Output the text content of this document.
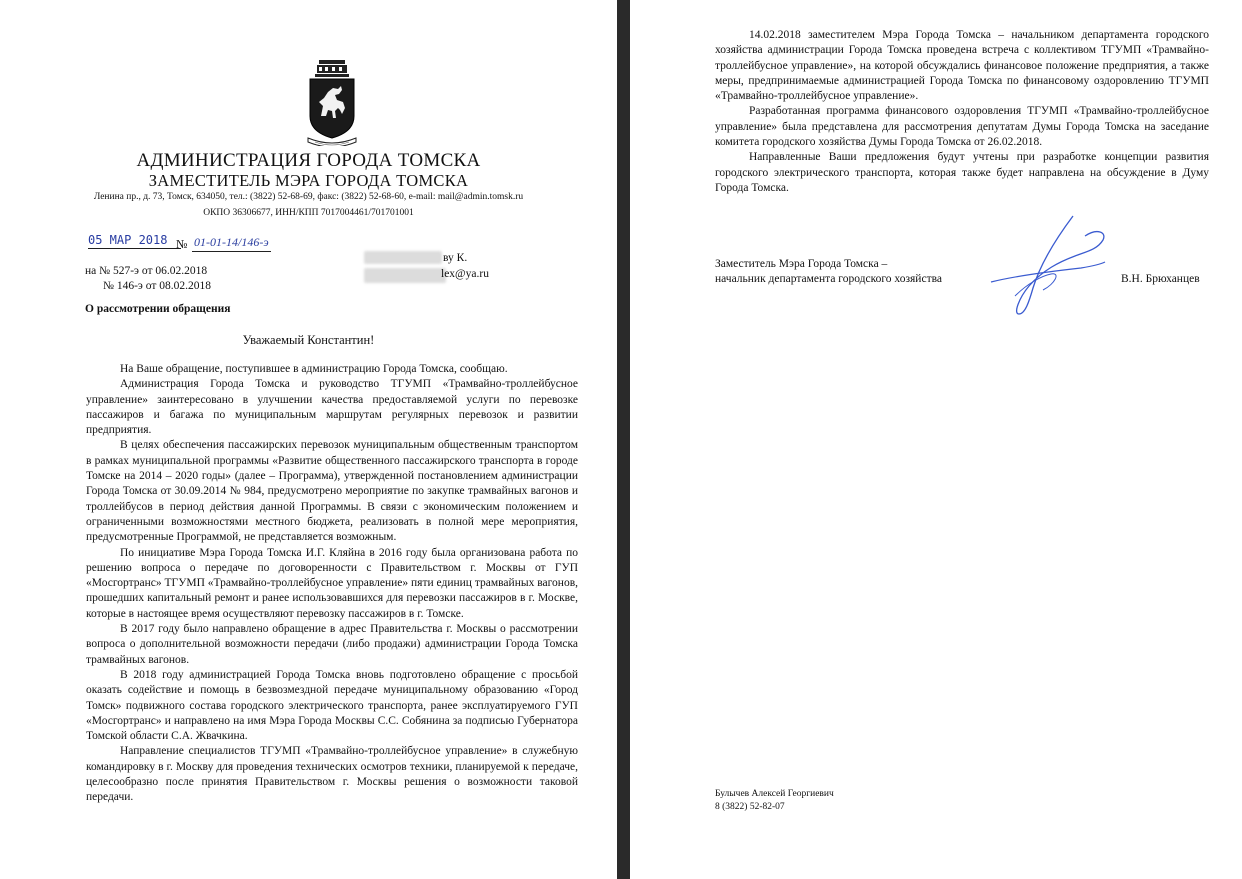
АДМИНИСТРАЦИЯ ГОРОДА ТОМСКА
ЗАМЕСТИТЕЛЬ МЭРА ГОРОДА ТОМСКА
Ленина пр., д. 73, Томск, 634050, тел.: (3822) 52-68-69, факс: (3822) 52-68-60, e-mail: mail@admin.tomsk.ru
ОКПО 36306677, ИНН/КПП 7017004461/701701001
05 МАР 2018 № 01-01-14/146-э
на № 527-э от 06.02.2018
№ 146-э от 08.02.2018
ву К.
lex@ya.ru
О рассмотрении обращения
Уважаемый Константин!

На Ваше обращение, поступившее в администрацию Города Томска, сообщаю.

Администрация Города Томска и руководство ТГУМП «Трамвайно-троллейбусное управление» заинтересовано в улучшении качества предоставляемой услуги по перевозке пассажиров и багажа по муниципальным маршрутам регулярных перевозок и развитии предприятия.

В целях обеспечения пассажирских перевозок муниципальным общественным транспортом в рамках муниципальной программы «Развитие общественного пассажирского транспорта в городе Томске на 2014 – 2020 годы» (далее – Программа), утвержденной постановлением администрации Города Томска от 30.09.2014 № 984, предусмотрено мероприятие по закупке трамвайных вагонов и троллейбусов в период действия данной Программы. В связи с экономическим положением и ограниченными возможностями местного бюджета, реализовать в полной мере мероприятия, предусмотренные Программой, не представляется возможным.

По инициативе Мэра Города Томска И.Г. Кляйна в 2016 году была организована работа по решению вопроса о передаче по договоренности с Правительством г. Москвы от ГУП «Мосгортранс» ТГУМП «Трамвайно-троллейбусное управление» пяти единиц трамвайных вагонов, прошедших капитальный ремонт и ранее использовавшихся для перевозки пассажиров в г. Москве, которые в настоящее время осуществляют перевозку пассажиров в г. Томске.

В 2017 году было направлено обращение в адрес Правительства г. Москвы о рассмотрении вопроса о дополнительной возможности передачи (либо продажи) администрации Города Томска трамвайных вагонов.

В 2018 году администрацией Города Томска вновь подготовлено обращение с просьбой оказать содействие и помощь в безвозмездной передаче муниципальному образованию «Город Томск» подвижного состава городского электрического транспорта, ранее эксплуатируемого ГУП «Мосгортранс» и направлено на имя Мэра Города Москвы С.С. Собянина за подписью Губернатора Томской области С.А. Жвачкина.

Направление специалистов ТГУМП «Трамвайно-троллейбусное управление» в служебную командировку в г. Москву для проведения технических осмотров техники, планируемой к передаче, целесообразно после принятия Правительством г. Москвы решения о возможности таковой передачи.

14.02.2018 заместителем Мэра Города Томска – начальником департамента городского хозяйства администрации Города Томска проведена встреча с коллективом ТГУМП «Трамвайно-троллейбусное управление», на которой обсуждались финансовое положение предприятия, а также меры, предпринимаемые администрацией Города Томска по финансовому оздоровлению ТГУМП «Трамвайно-троллейбусное управление».

Разработанная программа финансового оздоровления ТГУМП «Трамвайно-троллейбусное управление» была представлена для рассмотрения депутатам Думы Города Томска на заседание комитета городского хозяйства Думы Города Томска от 26.02.2018.

Направленные Ваши предложения будут учтены при разработке концепции развития городского электрического транспорта, которая также будет направлена на обсуждение в Думу Города Томска.

Заместитель Мэра Города Томска –
начальник департамента городского хозяйства	В.Н. Брюханцев
Булычев Алексей Георгиевич
8 (3822) 52-82-07
